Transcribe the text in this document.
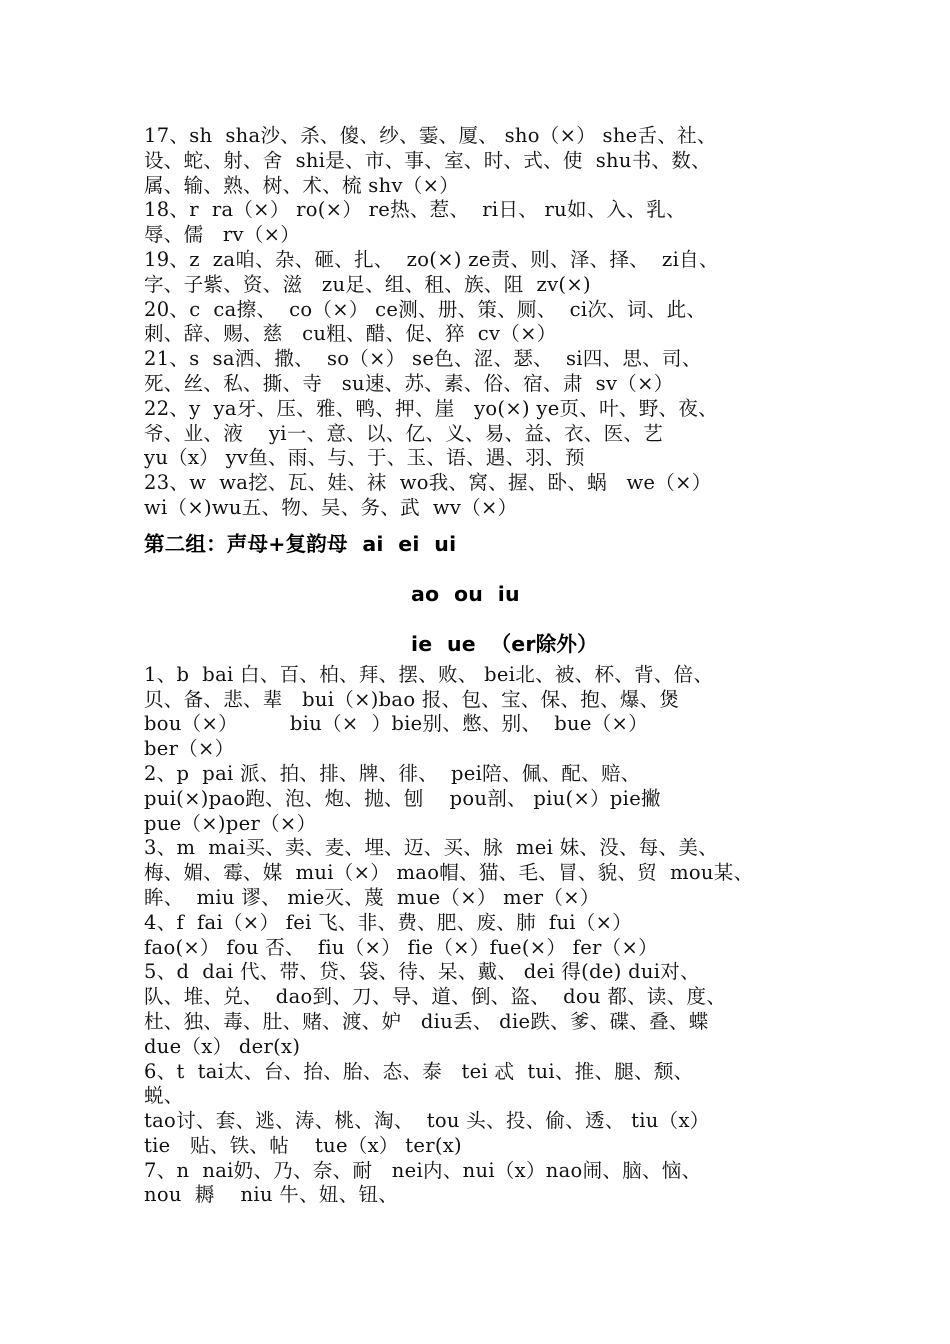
17、sh  sha沙、杀、傻、纱、霎、厦、 sho（×） she舌、社、
设、蛇、射、舍  shi是、市、事、室、时、式、使  shu书、数、
属、输、熟、树、术、梳 shv（×）
18、r  ra（×） ro(×） re热、惹、  ri日、 ru如、入、乳、
辱、儒   rv（×）
19、z  za咱、杂、砸、扎、  zo(×) ze责、则、泽、择、  zi自、
字、子紫、资、滋   zu足、组、租、族、阻  zv(×)
20、c  ca擦、  co（×） ce测、册、策、厕、  ci次、词、此、
刺、辞、赐、慈   cu粗、醋、促、猝  cv（×）
21、s  sa洒、撒、  so（×） se色、涩、瑟、  si四、思、司、
死、丝、私、撕、寺   su速、苏、素、俗、宿、肃  sv（×）
22、y  ya牙、压、雅、鸭、押、崖   yo(×) ye页、叶、野、夜、
爷、业、液    yi一、意、以、亿、义、易、益、衣、医、艺
yu（x） yv鱼、雨、与、于、玉、语、遇、羽、预
23、w  wa挖、瓦、娃、袜  wo我、窝、握、卧、蜗   we（×）
wi（×)wu五、物、吴、务、武  wv（×）
第二组：声母+复韵母  ai  ei  ui
ao  ou  iu
ie  ue  （er除外）
1、b  bai 白、百、柏、拜、摆、败、 bei北、被、杯、背、倍、
贝、备、悲、辈   bui（×)bao 报、包、宝、保、抱、爆、煲
bou（×）        biu（×  ）bie别、憋、别、  bue（×）
ber（×）
2、p  pai 派、拍、排、牌、徘、  pei陪、佩、配、赔、
pui(×)pao跑、泡、炮、抛、刨    pou剖、 piu(×）pie撇
pue（×)per（×）
3、m  mai买、卖、麦、埋、迈、买、脉  mei 妹、没、每、美、
梅、媚、霉、媒  mui（×） mao帽、猫、毛、冒、貌、贸  mou某、
眸、  miu 谬、 mie灭、蔑  mue（×） mer（×）
4、f  fai（×） fei 飞、非、费、肥、废、肺  fui（×）
fao(×） fou 否、  fiu（×） fie（×）fue(×） fer（×）
5、d  dai 代、带、贷、袋、待、呆、戴、 dei 得(de) dui对、
队、堆、兑、  dao到、刀、导、道、倒、盗、  dou 都、读、度、
杜、独、毒、肚、赌、渡、妒   diu丢、 die跌、爹、碟、叠、蝶
due（x） der(x)
6、t  tai太、台、抬、胎、态、泰   tei 忒  tui、推、腿、颓、
蜕、
tao讨、套、逃、涛、桃、淘、  tou 头、投、偷、透、 tiu（x）
tie   贴、铁、帖    tue（x） ter(x)
7、n  nai奶、乃、奈、耐   nei内、nui（x）nao闹、脑、恼、
nou  耨    niu 牛、妞、钮、
